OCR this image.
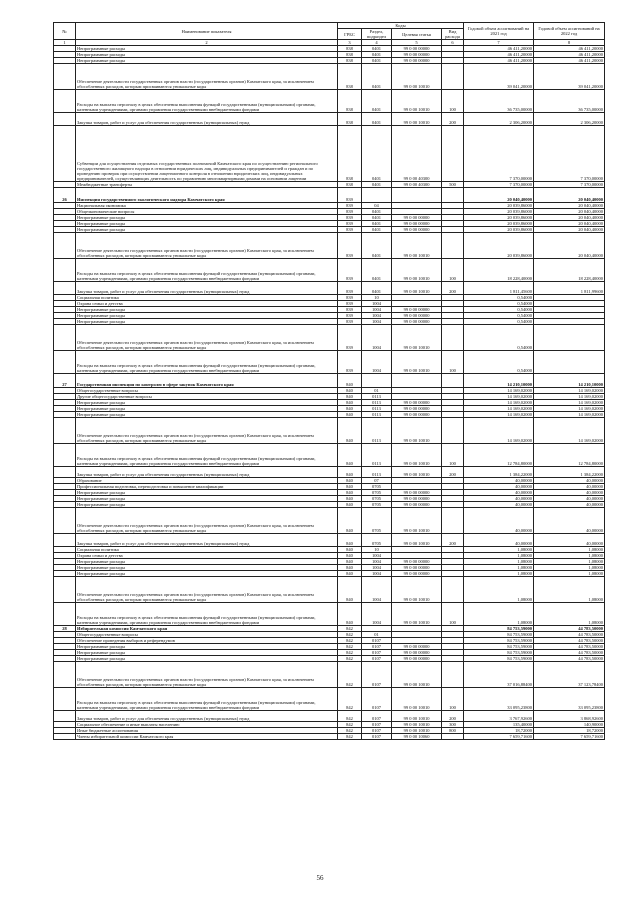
№	Наименование показателя	Коды				Годовой объем ассигнований на 2021 год	Годовой объем ассигнований на 2022 год
		ГРБС	Раздел, подраздел	Целевая статья	Вид расхода		
1	2	3	4	5	6	7	8
	Непрограммные расходы	838	0401	99 0 00 00000		46 411,20000	46 411,20000
	Непрограммные расходы	838	0401	99 0 00 00000		46 411,20000	46 411,20000
	Непрограммные расходы	838	0401	99 0 00 00000		46 411,20000	46 411,20000
	Обеспечение деятельности государственных органов власти (государственных органов) Камчатского края, за исключением обособленных расходов, которым присваиваются уникальные коды	838	0401	99 0 00 10010		39 041,20000	39 041,20000
	Расходы на выплаты персоналу в целях обеспечения выполнения функций государственными (муниципальными) органами, казенными учреждениями, органами управления государственными внебюджетными фондами	838	0401	99 0 00 10010	100	36 735,00000	36 735,00000
	Закупка товаров, работ и услуг для обеспечения государственных (муниципальных) нужд	838	0401	99 0 00 10010	200	2 306,20000	2 306,20000
	Субвенции для осуществления отдельных государственных полномочий Камчатского края по осуществлению регионального государственного жилищного надзора в отношении юридических лиц, индивидуальных предпринимателей и граждан и по проведению проверок при осуществлении лицензионного контроля в отношении юридических лиц, индивидуальных предпринимателей, осуществляющих деятельность по управлению многоквартирными домами на основании лицензии	838	0401	99 0 00 40300		7 370,00000	7 370,00000
	Межбюджетные трансферты	838	0401	99 0 00 40300	500	7 370,00000	7 370,00000
26	Инспекция государственного экологического надзора Камчатского края	839				20 040,40000	20 040,40000
	Национальная экономика	839	04			20 039,86000	20 040,40000
	Общеэкономические вопросы	839	0401			20 039,86000	20 040,40000
	Непрограммные расходы	839	0401	99 0 00 00000		20 039,86000	20 040,40000
	Непрограммные расходы	839	0401	99 0 00 00000		20 039,86000	20 040,40000
	Непрограммные расходы	839	0401	99 0 00 00000		20 039,86000	20 040,40000
	Обеспечение деятельности государственных органов власти (государственных органов) Камчатского края, за исключением обособленных расходов, которым присваиваются уникальные коды	839	0401	99 0 00 10010		20 039,86000	20 040,40000
	Расходы на выплаты персоналу в целях обеспечения выполнения функций государственными (муниципальными) органами, казенными учреждениями, органами управления государственными внебюджетными фондами	839	0401	99 0 00 10010	100	18 228,40000	18 228,40000
	Закупка товаров, работ и услуг для обеспечения государственных (муниципальных) нужд	839	0401	99 0 00 10010	200	1 811,45600	1 811,99600
	Социальная политика	839	10			0,54000	
	Охрана семьи и детства	839	1004			0,54000	
	Непрограммные расходы	839	1004	99 0 00 00000		0,54000	
	Непрограммные расходы	839	1004	99 0 00 00000		0,54000	
	Непрограммные расходы	839	1004	99 0 00 00000		0,54000	
	Обеспечение деятельности государственных органов власти (государственных органов) Камчатского края, за исключением обособленных расходов, которым присваиваются уникальные коды	839	1004	99 0 00 10010		0,54000	
	Расходы на выплаты персоналу в целях обеспечения выполнения функций государственными (муниципальными) органами, казенными учреждениями, органами управления государственными внебюджетными фондами	839	1004	99 0 00 10010	100	0,54000	
27	Государственная инспекция по контролю в сфере закупок Камчатского края	840				14 210,10000	14 210,10000
	Общегосударственные вопросы	840	01			14 169,02000	14 169,02000
	Другие общегосударственные вопросы	840	0113			14 169,02000	14 169,02000
	Непрограммные расходы	840	0113	99 0 00 00000		14 169,02000	14 169,02000
	Непрограммные расходы	840	0113	99 0 00 00000		14 169,02000	14 169,02000
	Непрограммные расходы	840	0113	99 0 00 00000		14 169,02000	14 169,02000
	Обеспечение деятельности государственных органов власти (государственных органов) Камчатского края, за исключением обособленных расходов, которым присваиваются уникальные коды	840	0113	99 0 00 10010		14 169,02000	14 169,02000
	Расходы на выплаты персоналу в целях обеспечения выполнения функций государственными (муниципальными) органами, казенными учреждениями, органами управления государственными внебюджетными фондами	840	0113	99 0 00 10010	100	12 784,80000	12 784,80000
	Закупка товаров, работ и услуг для обеспечения государственных (муниципальных) нужд	840	0113	99 0 00 10010	200	1 384,22000	1 384,22000
	Образование	840	07			40,00000	40,00000
	Профессиональная подготовка, переподготовка и повышение квалификации	840	0705			40,00000	40,00000
	Непрограммные расходы	840	0705	99 0 00 00000		40,00000	40,00000
	Непрограммные расходы	840	0705	99 0 00 00000		40,00000	40,00000
	Непрограммные расходы	840	0705	99 0 00 00000		40,00000	40,00000
	Обеспечение деятельности государственных органов власти (государственных органов) Камчатского края, за исключением обособленных расходов, которым присваиваются уникальные коды	840	0705	99 0 00 10010		40,00000	40,00000
	Закупка товаров, работ и услуг для обеспечения государственных (муниципальных) нужд	840	0705	99 0 00 10010	200	40,00000	40,00000
	Социальная политика	840	10			1,08000	1,08000
	Охрана семьи и детства	840	1004			1,08000	1,08000
	Непрограммные расходы	840	1004	99 0 00 00000		1,08000	1,08000
	Непрограммные расходы	840	1004	99 0 00 00000		1,08000	1,08000
	Непрограммные расходы	840	1004	99 0 00 00000		1,08000	1,08000
	Обеспечение деятельности государственных органов власти (государственных органов) Камчатского края, за исключением обособленных расходов, которым присваиваются уникальные коды	840	1004	99 0 00 10010		1,08000	1,08000
	Расходы на выплаты персоналу в целях обеспечения выполнения функций государственными (муниципальными) органами, казенными учреждениями, органами управления государственными внебюджетными фондами	840	1004	99 0 00 10010	100	1,08000	1,08000
28	Избирательная комиссия Камчатского края	842				84 753,59000	44 783,50000
	Общегосударственные вопросы	842	01			84 753,59000	44 783,50000
	Обеспечение проведения выборов и референдумов	842	0107			84 753,59000	44 783,50000
	Непрограммные расходы	842	0107	99 0 00 00000		84 753,59000	44 783,50000
	Непрограммные расходы	842	0107	99 0 00 00000		84 753,59000	44 783,50000
	Непрограммные расходы	842	0107	99 0 00 00000		84 753,59000	44 783,50000
	Обеспечение деятельности государственных органов власти (государственных органов) Камчатского края, за исключением обособленных расходов, которым присваиваются уникальные коды	842	0107	99 0 00 10010		37 016,88400	37 123,78400
	Расходы на выплаты персоналу в целях обеспечения выполнения функций государственными (муниципальными) органами, казенными учреждениями, органами управления государственными внебюджетными фондами	842	0107	99 0 00 10010	100	33 095,23800	33 095,23800
	Закупка товаров, работ и услуг для обеспечения государственных (муниципальных) нужд	842	0107	99 0 00 10010	200	3 767,92600	3 868,92600
	Социальное обеспечение и иные выплаты населению	842	0107	99 0 00 10010	300	135,40000	140,90000
	Иные бюджетные ассигнования	842	0107	99 0 00 10010	800	18,72000	18,72000
	Члены избирательной комиссии Камчатского края	842	0107	99 0 00 10060		7 659,71600	7 659,71600
56
